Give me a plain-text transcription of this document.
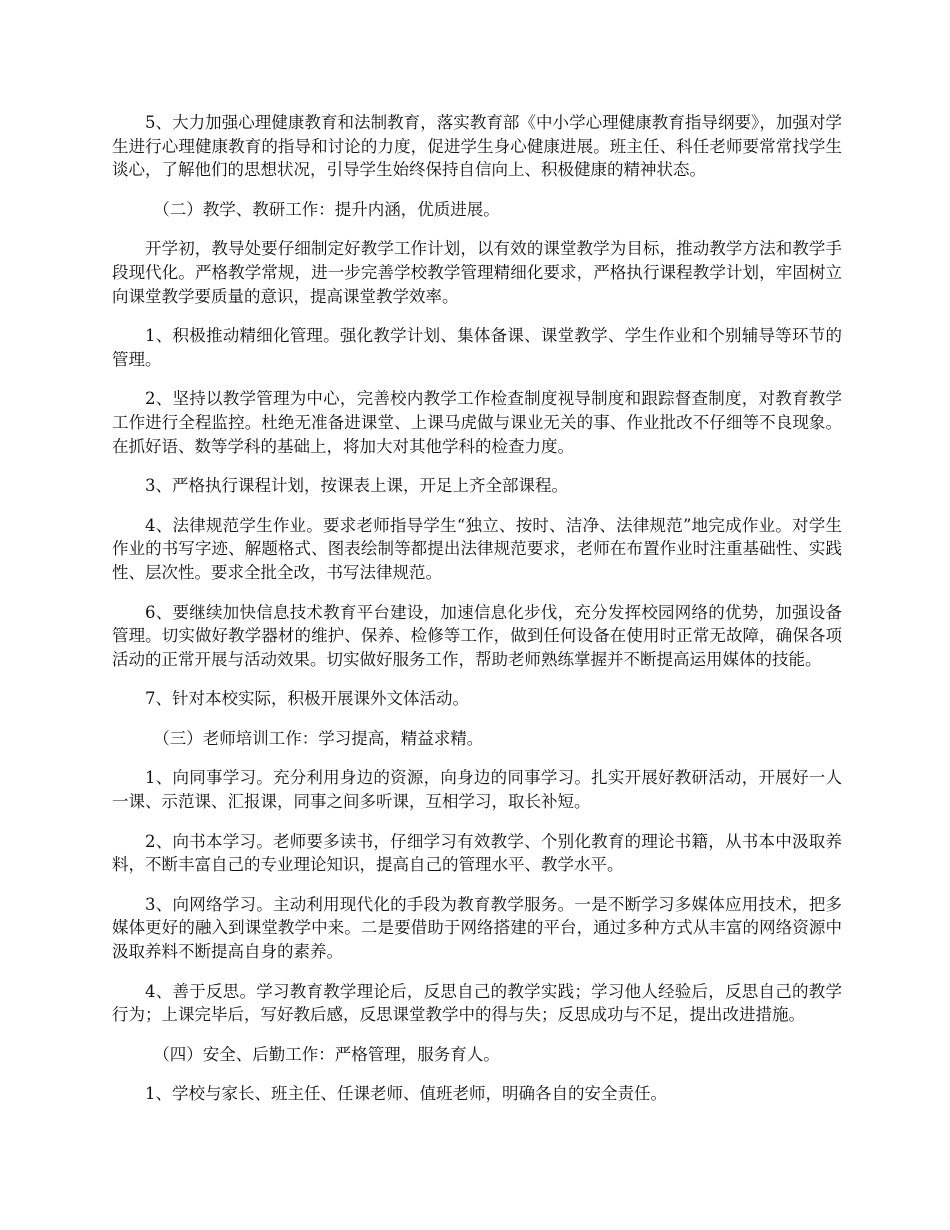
5、大力加强心理健康教育和法制教育，落实教育部《中小学心理健康教育指导纲要》，加强对学生进行心理健康教育的指导和讨论的力度，促进学生身心健康进展。班主任、科任老师要常常找学生谈心，了解他们的思想状况，引导学生始终保持自信向上、积极健康的精神状态。

（二）教学、教研工作：提升内涵，优质进展。

开学初，教导处要仔细制定好教学工作计划，以有效的课堂教学为目标，推动教学方法和教学手段现代化。严格教学常规，进一步完善学校教学管理精细化要求，严格执行课程教学计划，牢固树立向课堂教学要质量的意识，提高课堂教学效率。

1、积极推动精细化管理。强化教学计划、集体备课、课堂教学、学生作业和个别辅导等环节的管理。

2、坚持以教学管理为中心，完善校内教学工作检查制度视导制度和跟踪督查制度，对教育教学工作进行全程监控。杜绝无准备进课堂、上课马虎做与课业无关的事、作业批改不仔细等不良现象。在抓好语、数等学科的基础上，将加大对其他学科的检查力度。

3、严格执行课程计划，按课表上课，开足上齐全部课程。

4、法律规范学生作业。要求老师指导学生“独立、按时、洁净、法律规范”地完成作业。对学生作业的书写字迹、解题格式、图表绘制等都提出法律规范要求，老师在布置作业时注重基础性、实践性、层次性。要求全批全改，书写法律规范。

6、要继续加快信息技术教育平台建设，加速信息化步伐，充分发挥校园网络的优势，加强设备管理。切实做好教学器材的维护、保养、检修等工作，做到任何设备在使用时正常无故障，确保各项活动的正常开展与活动效果。切实做好服务工作，帮助老师熟练掌握并不断提高运用媒体的技能。

7、针对本校实际，积极开展课外文体活动。

（三）老师培训工作：学习提高，精益求精。

1、向同事学习。充分利用身边的资源，向身边的同事学习。扎实开展好教研活动，开展好一人一课、示范课、汇报课，同事之间多听课，互相学习，取长补短。

2、向书本学习。老师要多读书，仔细学习有效教学、个别化教育的理论书籍，从书本中汲取养料，不断丰富自己的专业理论知识，提高自己的管理水平、教学水平。

3、向网络学习。主动利用现代化的手段为教育教学服务。一是不断学习多媒体应用技术，把多媒体更好的融入到课堂教学中来。二是要借助于网络搭建的平台，通过多种方式从丰富的网络资源中汲取养料不断提高自身的素养。

4、善于反思。学习教育教学理论后，反思自己的教学实践；学习他人经验后，反思自己的教学行为；上课完毕后，写好教后感，反思课堂教学中的得与失；反思成功与不足，提出改进措施。

（四）安全、后勤工作：严格管理，服务育人。

1、学校与家长、班主任、任课老师、值班老师，明确各自的安全责任。
